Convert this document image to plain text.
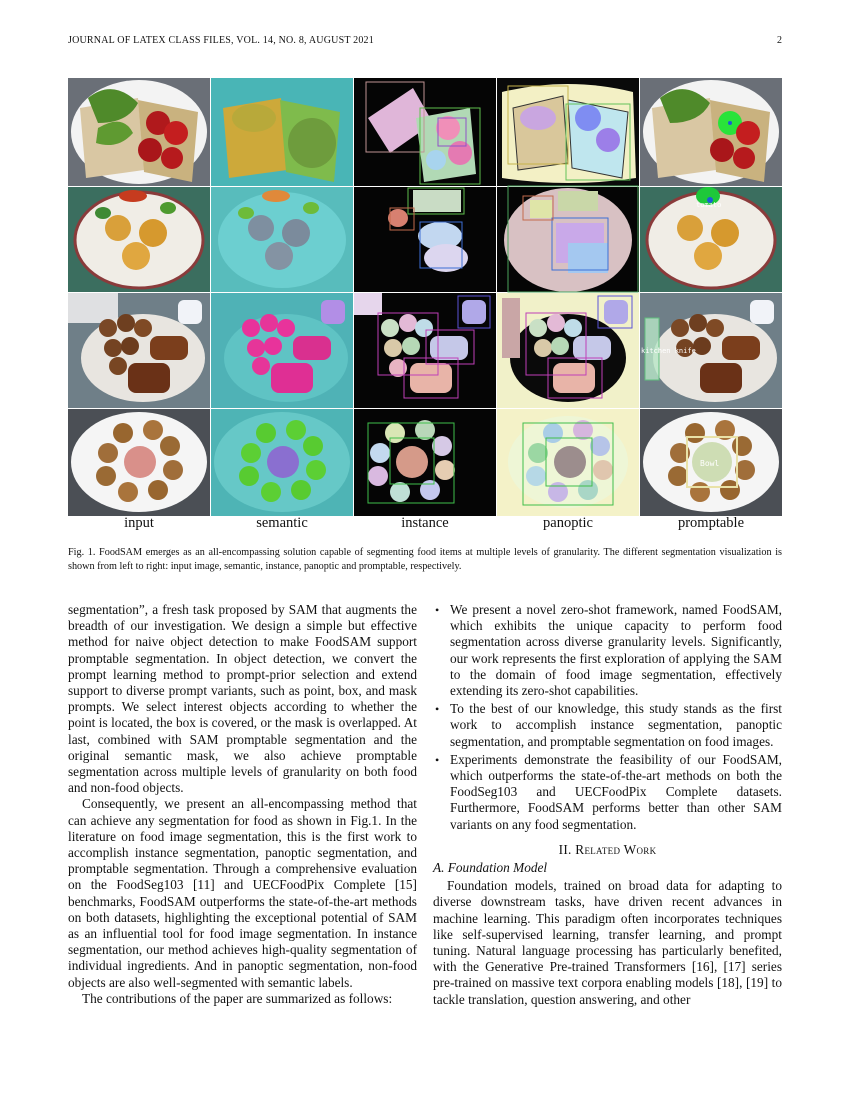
JOURNAL OF LATEX CLASS FILES, VOL. 14, NO. 8, AUGUST 2021	2
tomato
kitchen knife
Bowl
input	semantic	instance	panoptic	promptable
Fig. 1. FoodSAM emerges as an all-encompassing solution capable of segmenting food items at multiple levels of granularity. The different segmentation visualization is shown from left to right: input image, semantic, instance, panoptic and promptable, respectively.

segmentation”, a fresh task proposed by SAM that augments the breadth of our investigation. We design a simple but effective method for naive object detection to make FoodSAM support promptable segmentation. In object detection, we convert the prompt learning method to prompt-prior selection and extend support to diverse prompt variants, such as point, box, and mask prompts. We select interest objects according to whether the point is located, the box is covered, or the mask is overlapped. At last, combined with SAM promptable segmentation and the original semantic mask, we also achieve promptable segmentation across multiple levels of granularity on both food and non-food objects.

Consequently, we present an all-encompassing method that can achieve any segmentation for food as shown in Fig.1. In the literature on food image segmentation, this is the first work to accomplish instance segmentation, panoptic segmentation, and promptable segmentation. Through a comprehensive evaluation on the FoodSeg103 [11] and UECFoodPix Complete [15] benchmarks, FoodSAM outperforms the state-of-the-art methods on both datasets, highlighting the exceptional potential of SAM as an influential tool for food image segmentation. In instance segmentation, our method achieves high-quality segmentation of individual ingredients. And in panoptic segmentation, non-food objects are also well-segmented with semantic labels.

The contributions of the paper are summarized as follows:

• We present a novel zero-shot framework, named FoodSAM, which exhibits the unique capacity to perform food segmentation across diverse granularity levels. Significantly, our work represents the first exploration of applying the SAM to the domain of food image segmentation, effectively extending its zero-shot capabilities.
• To the best of our knowledge, this study stands as the first work to accomplish instance segmentation, panoptic segmentation, and promptable segmentation on food images.
• Experiments demonstrate the feasibility of our FoodSAM, which outperforms the state-of-the-art methods on both the FoodSeg103 and UECFoodPix Complete datasets. Furthermore, FoodSAM performs better than other SAM variants on any food segmentation.
II. Related Work
A. Foundation Model

Foundation models, trained on broad data for adapting to diverse downstream tasks, have driven recent advances in machine learning. This paradigm often incorporates techniques like self-supervised learning, transfer learning, and prompt tuning. Natural language processing has particularly benefited, with the Generative Pre-trained Transformers [16], [17] series pre-trained on massive text corpora enabling models [18], [19] to tackle translation, question answering, and other
